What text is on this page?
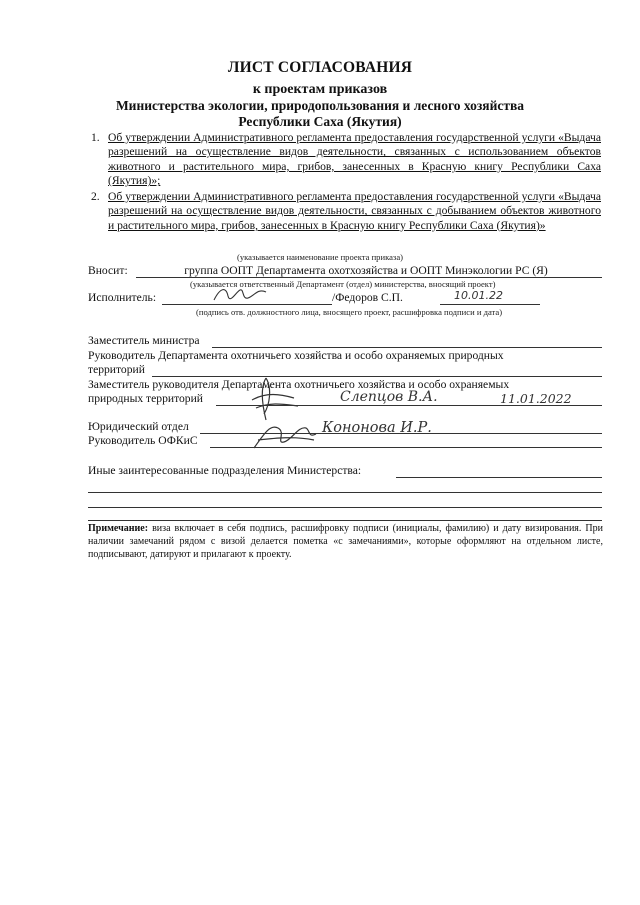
ЛИСТ СОГЛАСОВАНИЯ
к проектам приказов
Министерства экологии, природопользования и лесного хозяйства
Республики Саха (Якутия)
1. Об утверждении Административного регламента предоставления государственной услуги «Выдача разрешений на осуществление видов деятельности, связанных с использованием объектов животного и растительного мира, грибов, занесенных в Красную книгу Республики Саха (Якутия)»;
2. Об утверждении Административного регламента предоставления государственной услуги «Выдача разрешений на осуществление видов деятельности, связанных с добыванием объектов животного и растительного мира, грибов, занесенных в Красную книгу Республики Саха (Якутия)»
(указывается наименование проекта приказа)
Вносит:	группа ООПТ Департамента охотхозяйства и ООПТ Минэкологии РС (Я)
(указывается ответственный Департамент (отдел) министерства, вносящий проект)
Исполнитель:	/Федоров С.П.	10.01.22
(подпись отв. должностного лица, вносящего проект, расшифровка подписи и дата)
Заместитель министра
Руководитель Департамента охотничьего хозяйства и особо охраняемых природных
территорий
Заместитель руководителя Департамента охотничьего хозяйства и особо охраняемых
природных территорий	Слепцов В.А.	11.01.2022
Юридический отдел	Кононова И.Р.
Руководитель ОФКиС
Иные заинтересованные подразделения Министерства:
Примечание: виза включает в себя подпись, расшифровку подписи (инициалы, фамилию) и дату визирования. При наличии замечаний рядом с визой делается пометка «с замечаниями», которые оформляют на отдельном листе, подписывают, датируют и прилагают к проекту.
